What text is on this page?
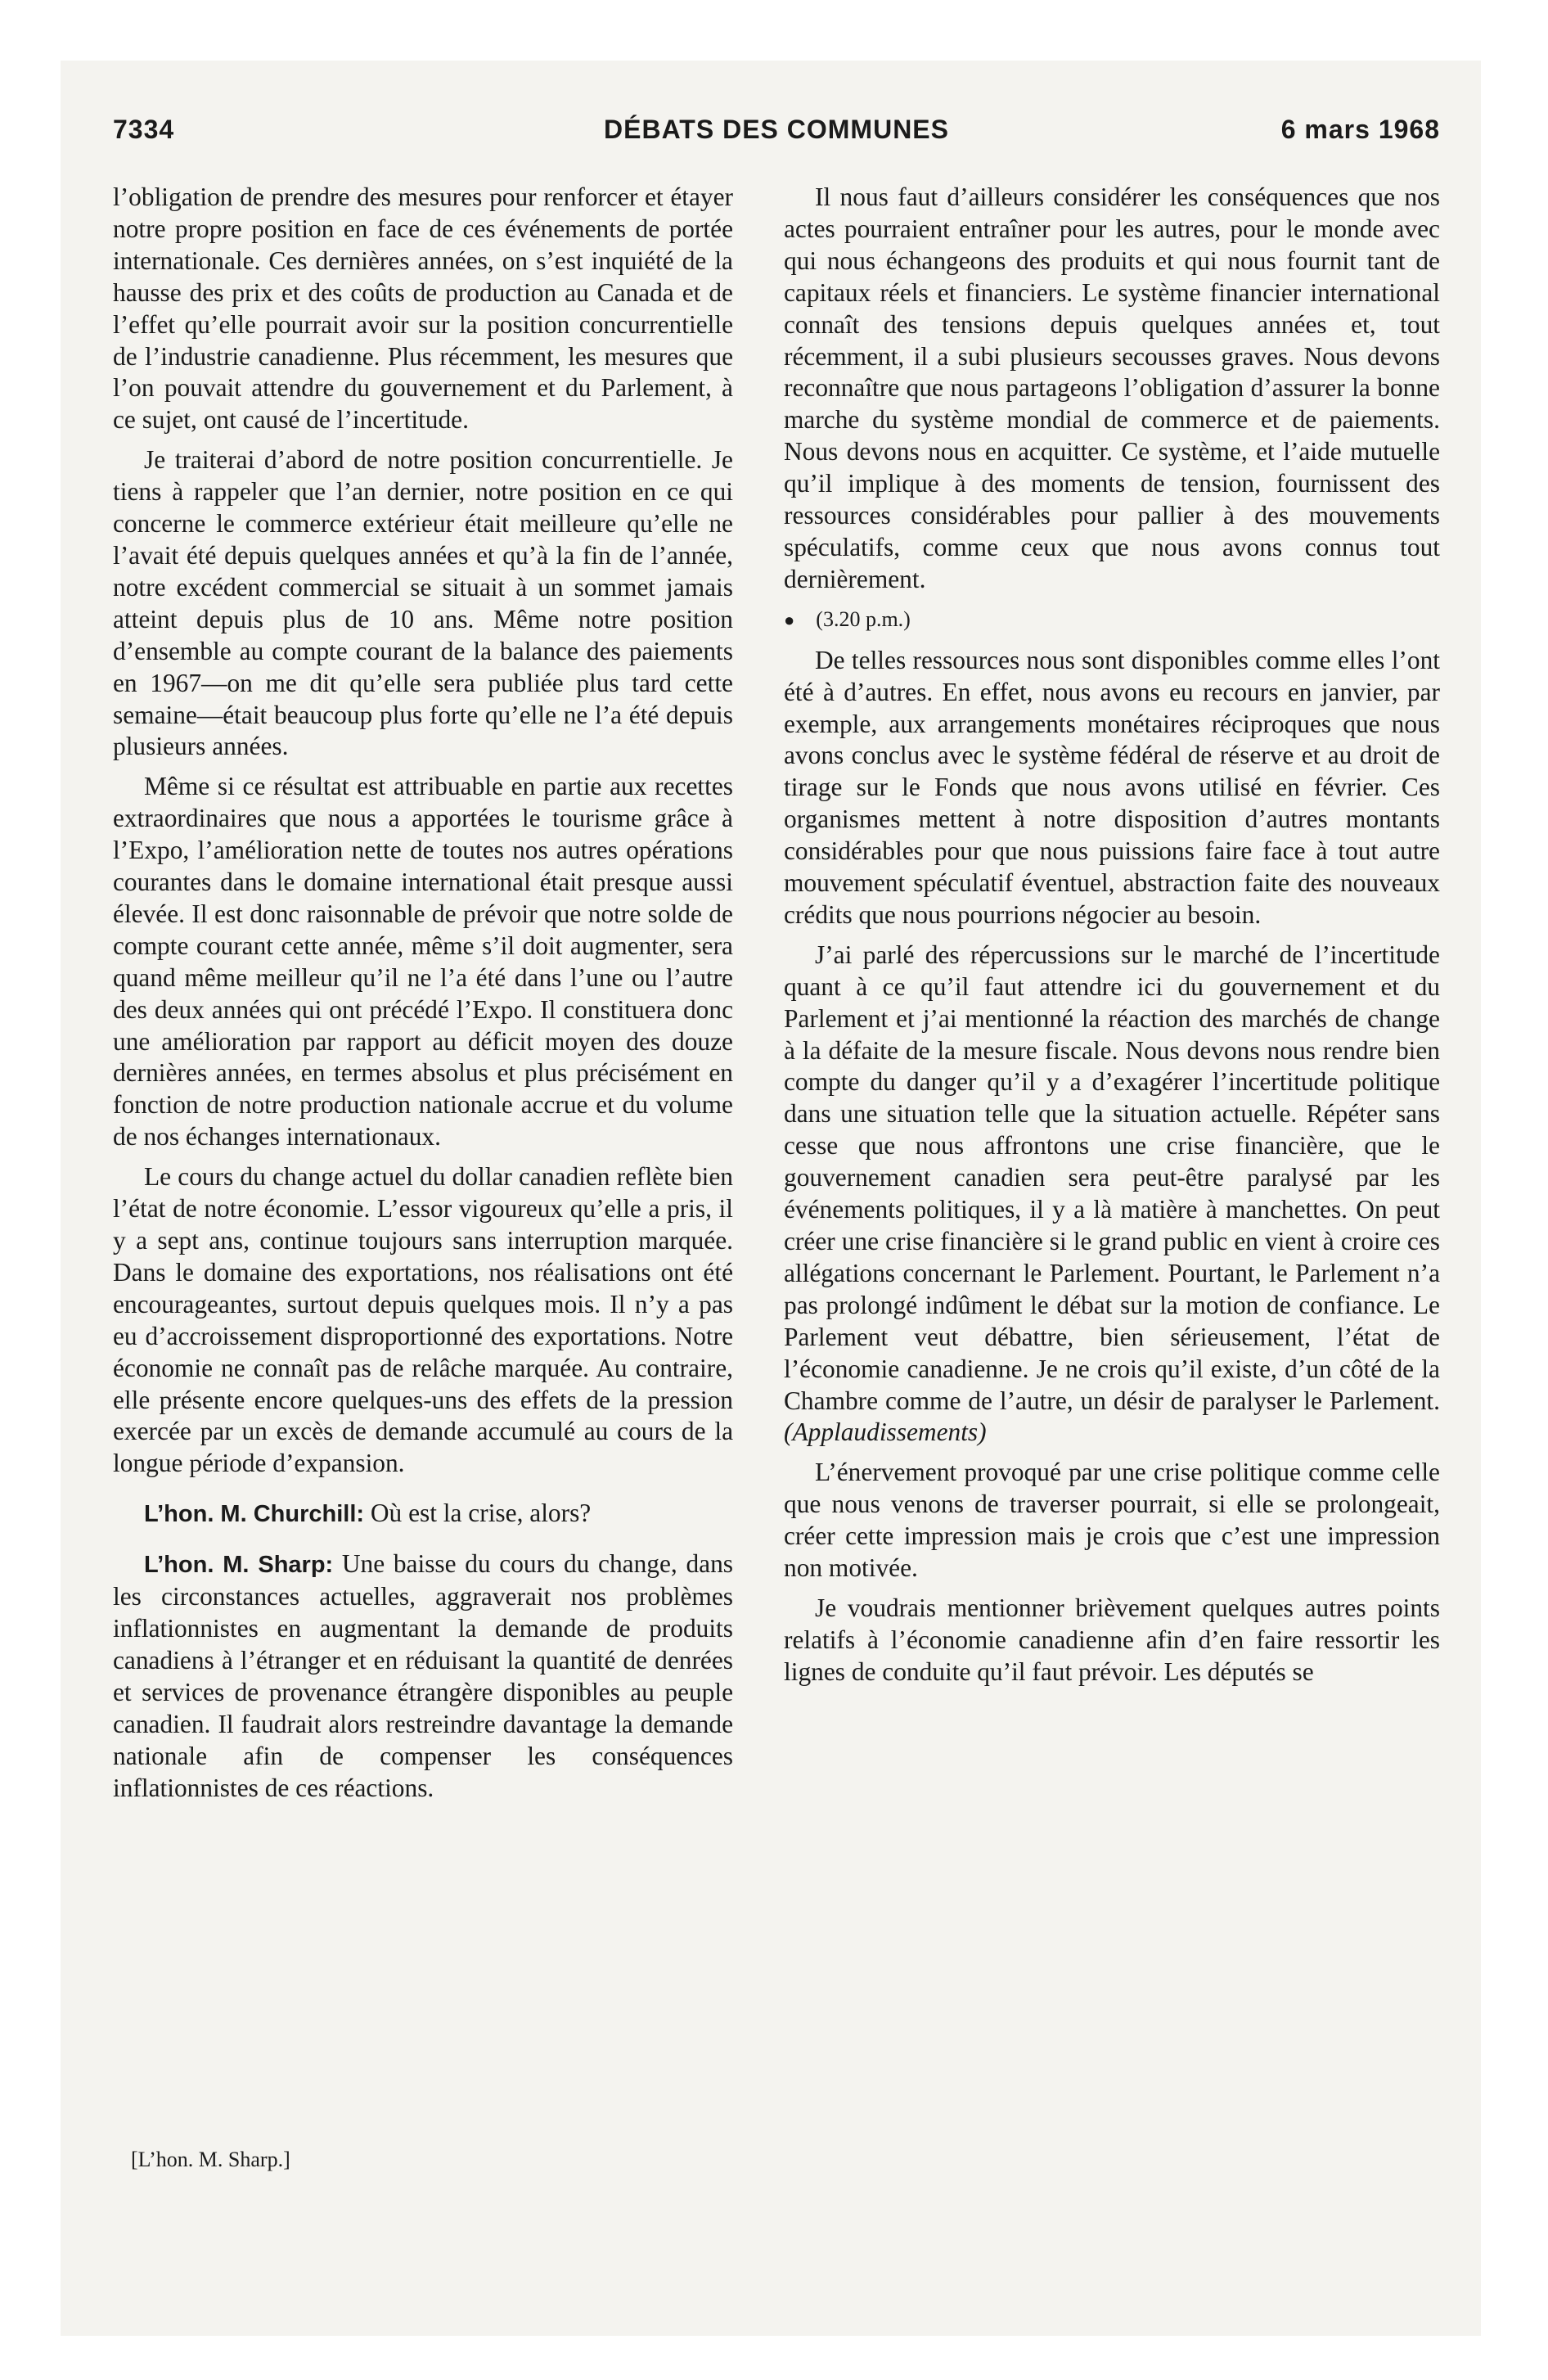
7334	DÉBATS DES COMMUNES	6 mars 1968

l’obligation de prendre des mesures pour renforcer et étayer notre propre position en face de ces événements de portée internationale. Ces dernières années, on s’est inquiété de la hausse des prix et des coûts de production au Canada et de l’effet qu’elle pourrait avoir sur la position concurrentielle de l’industrie canadienne. Plus récemment, les mesures que l’on pouvait attendre du gouvernement et du Parlement, à ce sujet, ont causé de l’incertitude.

Je traiterai d’abord de notre position concurrentielle. Je tiens à rappeler que l’an dernier, notre position en ce qui concerne le commerce extérieur était meilleure qu’elle ne l’avait été depuis quelques années et qu’à la fin de l’année, notre excédent commercial se situait à un sommet jamais atteint depuis plus de 10 ans. Même notre position d’ensemble au compte courant de la balance des paiements en 1967—on me dit qu’elle sera publiée plus tard cette semaine—était beaucoup plus forte qu’elle ne l’a été depuis plusieurs années.

Même si ce résultat est attribuable en partie aux recettes extraordinaires que nous a apportées le tourisme grâce à l’Expo, l’amélioration nette de toutes nos autres opérations courantes dans le domaine international était presque aussi élevée. Il est donc raisonnable de prévoir que notre solde de compte courant cette année, même s’il doit augmenter, sera quand même meilleur qu’il ne l’a été dans l’une ou l’autre des deux années qui ont précédé l’Expo. Il constituera donc une amélioration par rapport au déficit moyen des douze dernières années, en termes absolus et plus précisément en fonction de notre production nationale accrue et du volume de nos échanges internationaux.

Le cours du change actuel du dollar canadien reflète bien l’état de notre économie. L’essor vigoureux qu’elle a pris, il y a sept ans, continue toujours sans interruption marquée. Dans le domaine des exportations, nos réalisations ont été encourageantes, surtout depuis quelques mois. Il n’y a pas eu d’accroissement disproportionné des exportations. Notre économie ne connaît pas de relâche marquée. Au contraire, elle présente encore quelques-uns des effets de la pression exercée par un excès de demande accumulé au cours de la longue période d’expansion.

L’hon. M. Churchill: Où est la crise, alors?

L’hon. M. Sharp: Une baisse du cours du change, dans les circonstances actuelles, aggraverait nos problèmes inflationnistes en augmentant la demande de produits canadiens à l’étranger et en réduisant la quantité de denrées et services de provenance étrangère disponibles au peuple canadien. Il faudrait alors restreindre davantage la demande nationale afin de compenser les conséquences inflationnistes de ces réactions.

Il nous faut d’ailleurs considérer les conséquences que nos actes pourraient entraîner pour les autres, pour le monde avec qui nous échangeons des produits et qui nous fournit tant de capitaux réels et financiers. Le système financier international connaît des tensions depuis quelques années et, tout récemment, il a subi plusieurs secousses graves. Nous devons reconnaître que nous partageons l’obligation d’assurer la bonne marche du système mondial de commerce et de paiements. Nous devons nous en acquitter. Ce système, et l’aide mutuelle qu’il implique à des moments de tension, fournissent des ressources considérables pour pallier à des mouvements spéculatifs, comme ceux que nous avons connus tout dernièrement.

● (3.20 p.m.)

De telles ressources nous sont disponibles comme elles l’ont été à d’autres. En effet, nous avons eu recours en janvier, par exemple, aux arrangements monétaires réciproques que nous avons conclus avec le système fédéral de réserve et au droit de tirage sur le Fonds que nous avons utilisé en février. Ces organismes mettent à notre disposition d’autres montants considérables pour que nous puissions faire face à tout autre mouvement spéculatif éventuel, abstraction faite des nouveaux crédits que nous pourrions négocier au besoin.

J’ai parlé des répercussions sur le marché de l’incertitude quant à ce qu’il faut attendre ici du gouvernement et du Parlement et j’ai mentionné la réaction des marchés de change à la défaite de la mesure fiscale. Nous devons nous rendre bien compte du danger qu’il y a d’exagérer l’incertitude politique dans une situation telle que la situation actuelle. Répéter sans cesse que nous affrontons une crise financière, que le gouvernement canadien sera peut-être paralysé par les événements politiques, il y a là matière à manchettes. On peut créer une crise financière si le grand public en vient à croire ces allégations concernant le Parlement. Pourtant, le Parlement n’a pas prolongé indûment le débat sur la motion de confiance. Le Parlement veut débattre, bien sérieusement, l’état de l’économie canadienne. Je ne crois qu’il existe, d’un côté de la Chambre comme de l’autre, un désir de paralyser le Parlement. (Applaudissements)

L’énervement provoqué par une crise politique comme celle que nous venons de traverser pourrait, si elle se prolongeait, créer cette impression mais je crois que c’est une impression non motivée.

Je voudrais mentionner brièvement quelques autres points relatifs à l’économie canadienne afin d’en faire ressortir les lignes de conduite qu’il faut prévoir. Les députés se

[L’hon. M. Sharp.]
